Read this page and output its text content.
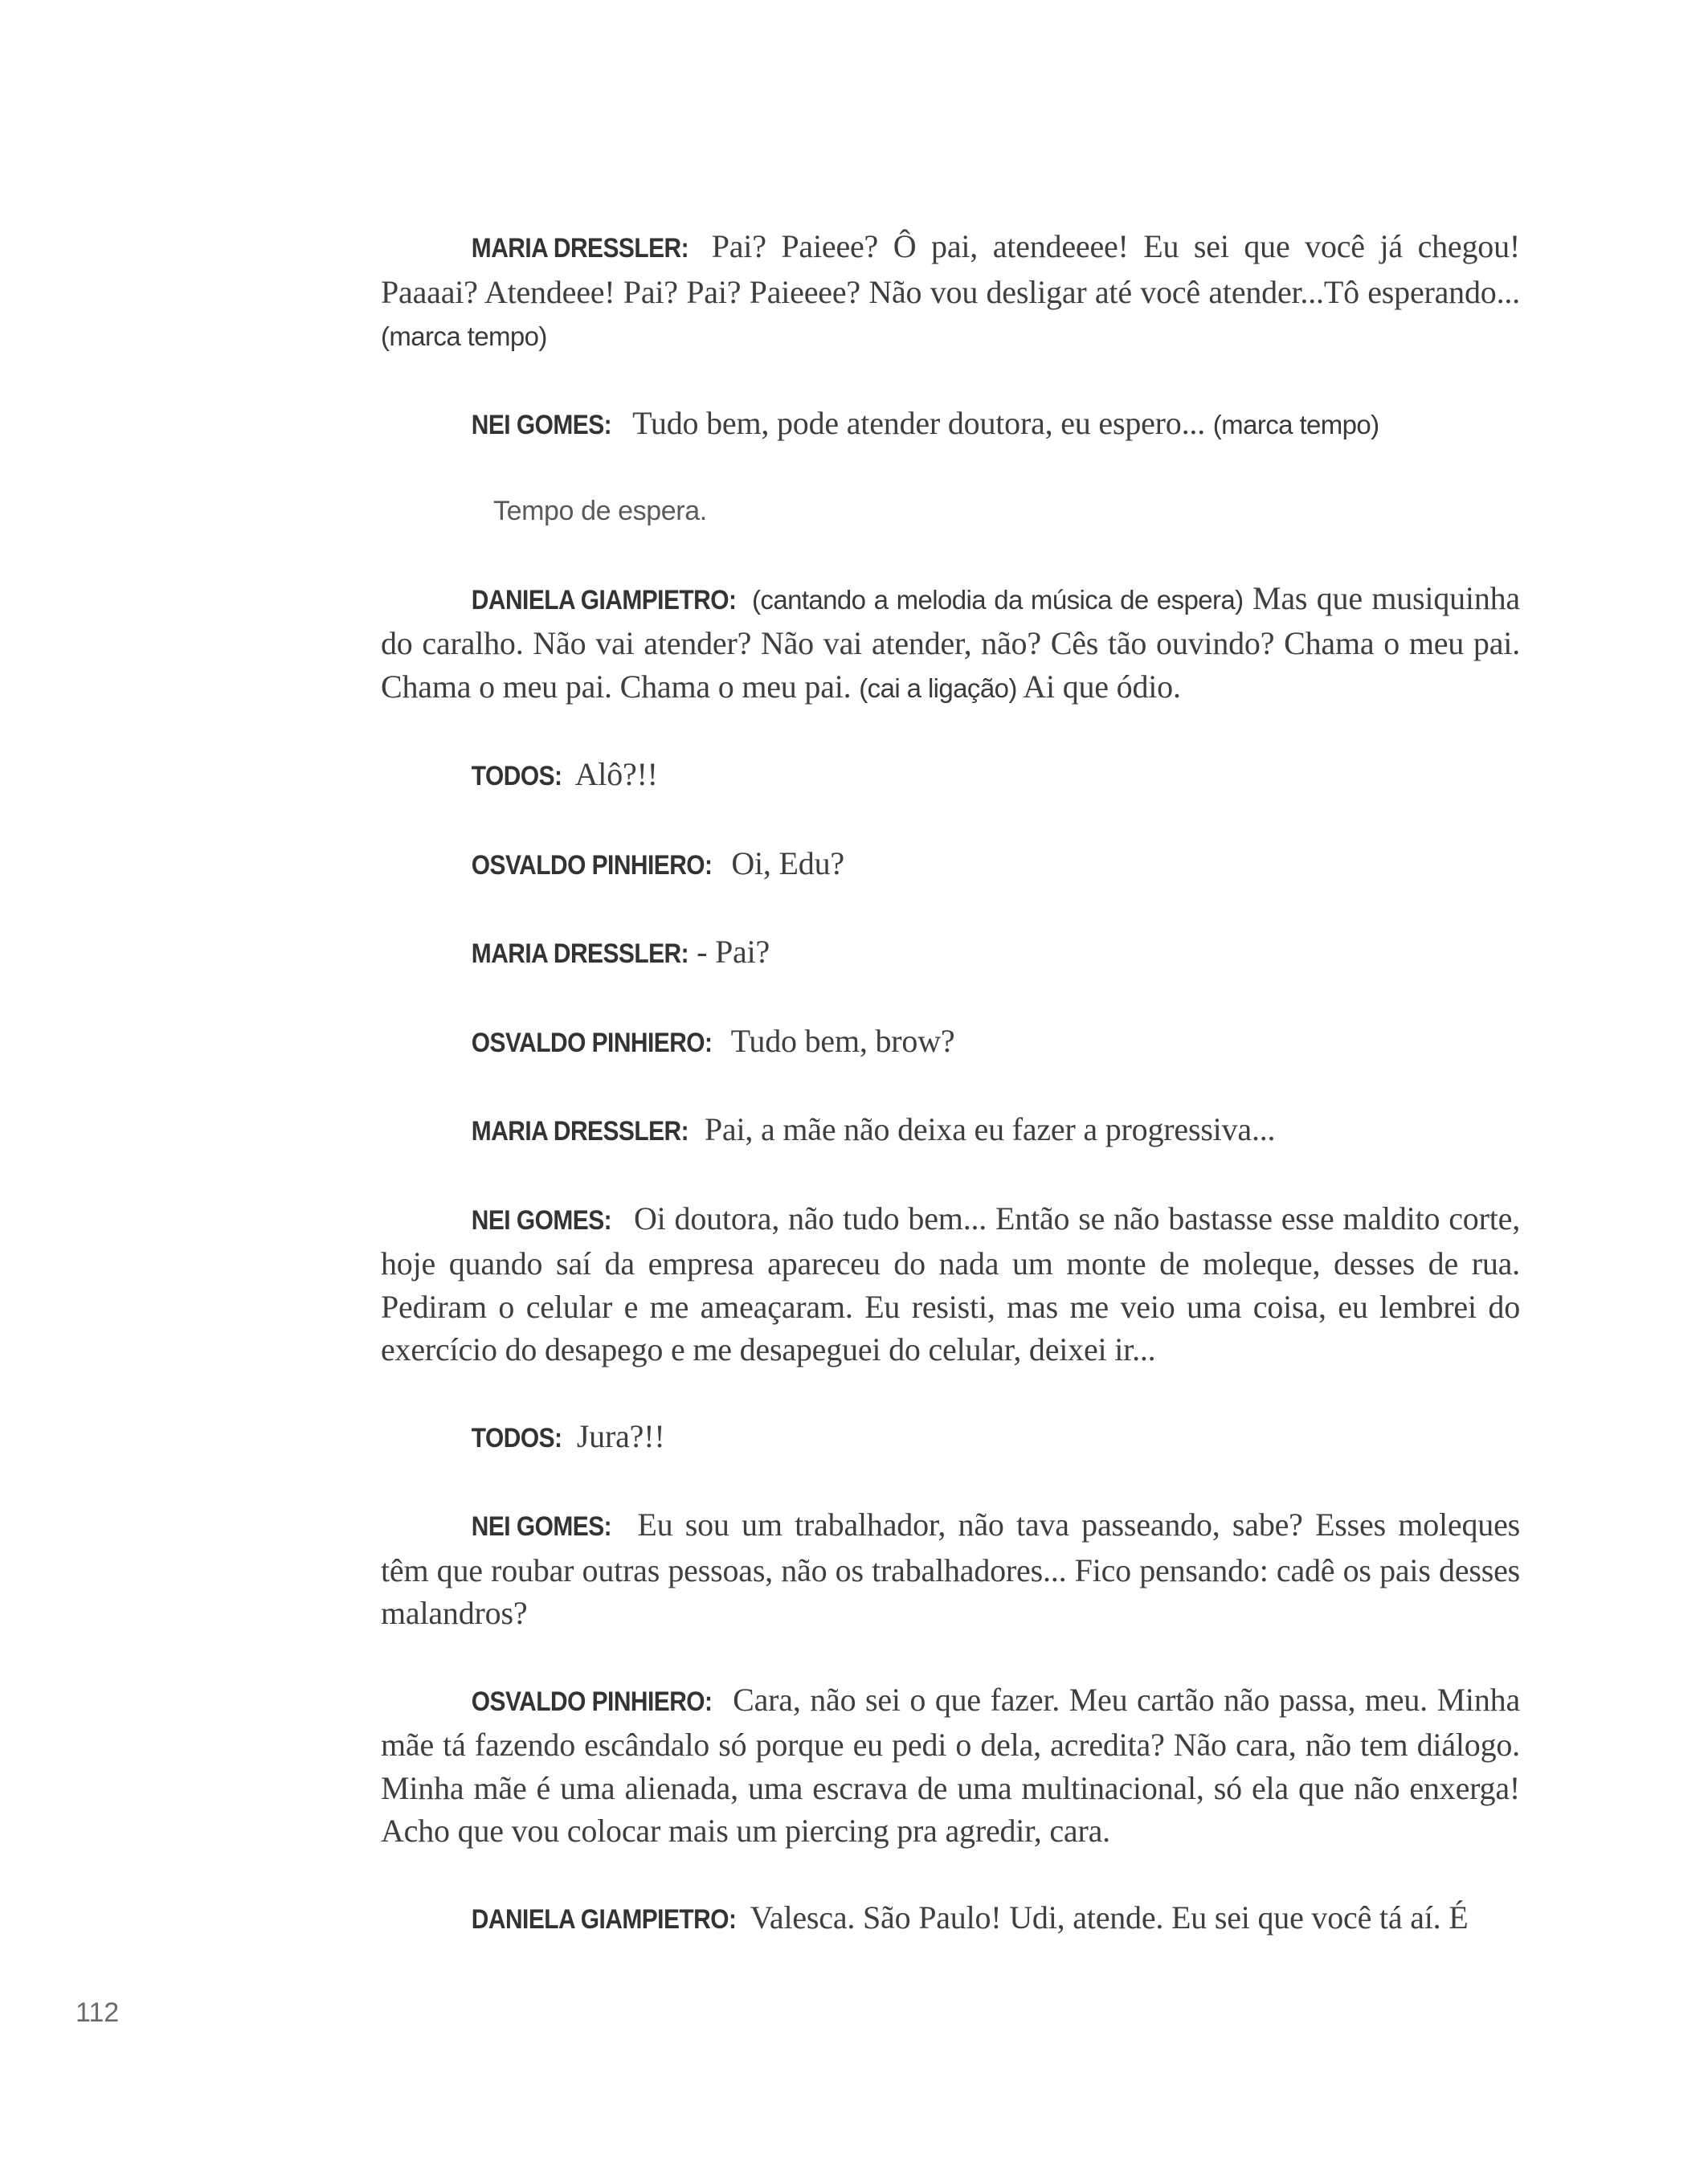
MARIA DRESSLER: Pai? Paieee? Ô pai, atendeeee! Eu sei que você já chegou! Paaaai? Atendeee! Pai? Pai? Paieeee? Não vou desligar até você atender...Tô esperando... (marca tempo)

NEI GOMES: Tudo bem, pode atender doutora, eu espero... (marca tempo)

Tempo de espera.

DANIELA GIAMPIETRO: (cantando a melodia da música de espera) Mas que musiquinha do caralho. Não vai atender? Não vai atender, não? Cês tão ouvindo? Chama o meu pai. Chama o meu pai. Chama o meu pai. (cai a ligação) Ai que ódio.

TODOS: Alô?!!

OSVALDO PINHIERO: Oi, Edu?

MARIA DRESSLER: - Pai?

OSVALDO PINHIERO: Tudo bem, brow?

MARIA DRESSLER: Pai, a mãe não deixa eu fazer a progressiva...

NEI GOMES: Oi doutora, não tudo bem... Então se não bastasse esse maldito corte, hoje quando saí da empresa apareceu do nada um monte de moleque, desses de rua. Pediram o celular e me ameaçaram. Eu resisti, mas me veio uma coisa, eu lembrei do exercício do desapego e me desapeguei do celular, deixei ir...

TODOS: Jura?!!

NEI GOMES: Eu sou um trabalhador, não tava passeando, sabe? Esses moleques têm que roubar outras pessoas, não os trabalhadores... Fico pensando: cadê os pais desses malandros?

OSVALDO PINHIERO: Cara, não sei o que fazer. Meu cartão não passa, meu. Minha mãe tá fazendo escândalo só porque eu pedi o dela, acredita? Não cara, não tem diálogo. Minha mãe é uma alienada, uma escrava de uma multinacional, só ela que não enxerga! Acho que vou colocar mais um piercing pra agredir, cara.

DANIELA GIAMPIETRO: Valesca. São Paulo! Udi, atende. Eu sei que você tá aí. É

112
